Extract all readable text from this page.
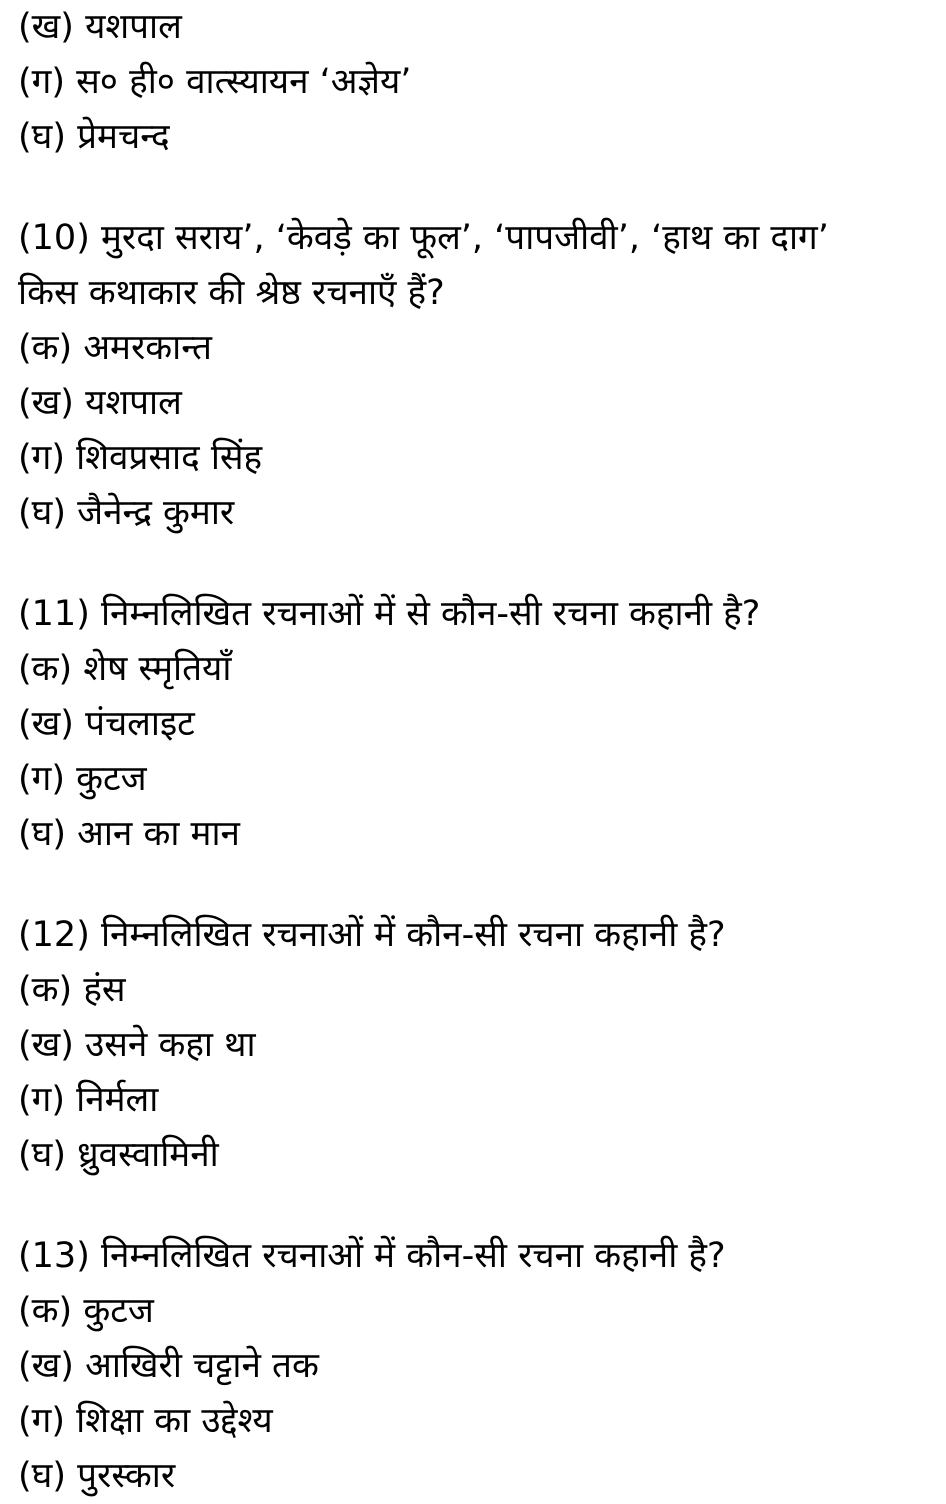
(ख) यशपाल
(ग) स० ही० वात्स्यायन ‘अज्ञेय’
(घ) प्रेमचन्द
(10) मुरदा सराय’, ‘केवड़े का फूल’, ‘पापजीवी’, ‘हाथ का दाग’
किस कथाकार की श्रेष्ठ रचनाएँ हैं?
(क) अमरकान्त
(ख) यशपाल
(ग) शिवप्रसाद सिंह
(घ) जैनेन्द्र कुमार
(11) निम्नलिखित रचनाओं में से कौन-सी रचना कहानी है?
(क) शेष स्मृतियाँ
(ख) पंचलाइट
(ग) कुटज
(घ) आन का मान
(12) निम्नलिखित रचनाओं में कौन-सी रचना कहानी है?
(क) हंस
(ख) उसने कहा था
(ग) निर्मला
(घ) ध्रुवस्वामिनी
(13) निम्नलिखित रचनाओं में कौन-सी रचना कहानी है?
(क) कुटज
(ख) आखिरी चट्टाने तक
(ग) शिक्षा का उद्देश्य
(घ) पुरस्कार
